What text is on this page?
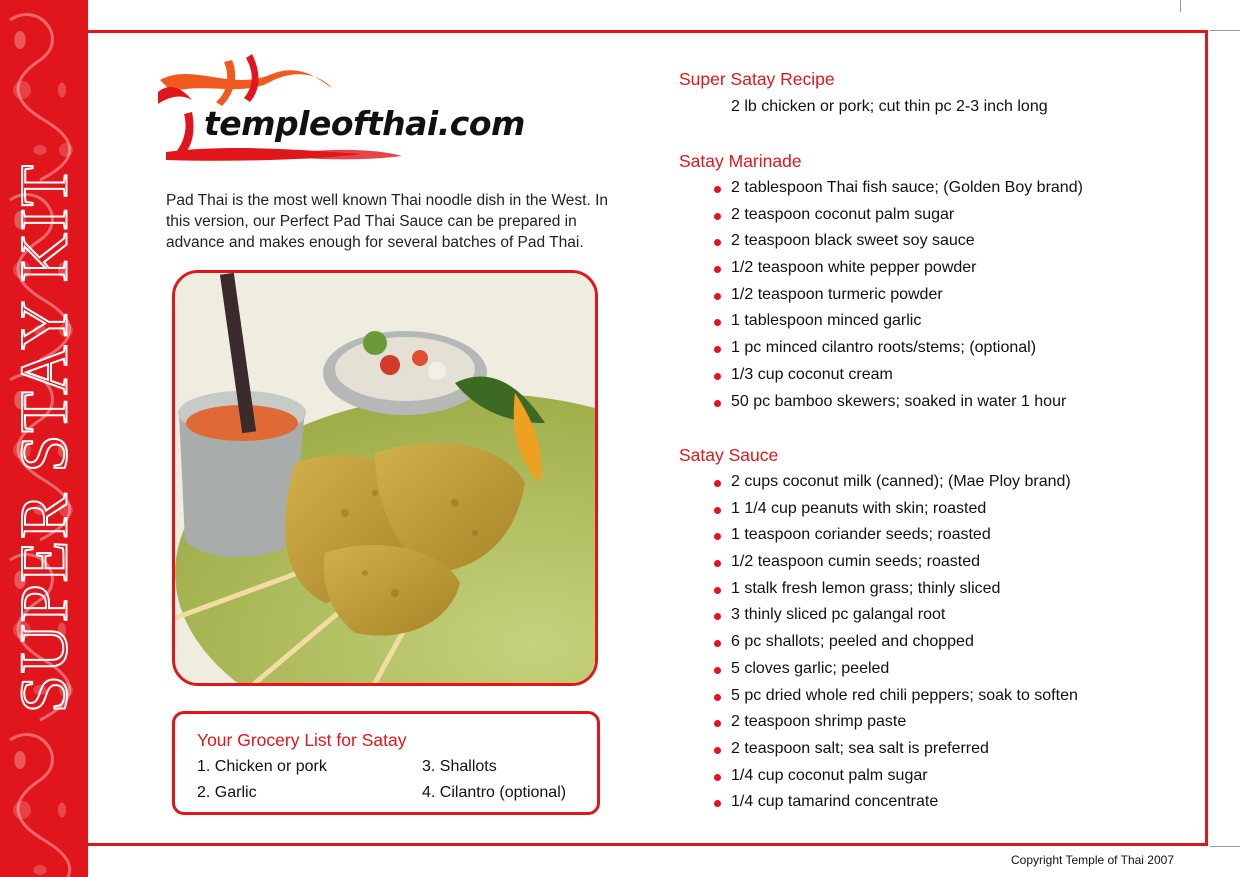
SUPER STAY KIT
templeofthai.com
Pad Thai is the most well known Thai noodle dish in the West. In this version, our Perfect Pad Thai Sauce can be prepared in advance and makes enough for several batches of Pad Thai.
Your Grocery List for Satay
1. Chicken or pork
2. Garlic
3. Shallots
4. Cilantro (optional)
Super Satay Recipe
2 lb chicken or pork; cut thin pc 2-3 inch long
Satay Marinade
2 tablespoon Thai fish sauce; (Golden Boy brand)
2 teaspoon coconut palm sugar
2 teaspoon black sweet soy sauce
1/2 teaspoon white pepper powder
1/2 teaspoon turmeric powder
1 tablespoon minced garlic
1 pc minced cilantro roots/stems; (optional)
1/3 cup coconut cream
50 pc bamboo skewers; soaked in water 1 hour
Satay Sauce
2 cups coconut milk (canned); (Mae Ploy brand)
1 1/4 cup peanuts with skin; roasted
1 teaspoon coriander seeds; roasted
1/2 teaspoon cumin seeds; roasted
1 stalk fresh lemon grass; thinly sliced
3 thinly sliced pc galangal root
6 pc shallots; peeled and chopped
5 cloves garlic; peeled
5 pc dried whole red chili peppers; soak to soften
2 teaspoon shrimp paste
2 teaspoon salt; sea salt is preferred
1/4 cup coconut palm sugar
1/4 cup tamarind concentrate
Copyright Temple of Thai 2007
